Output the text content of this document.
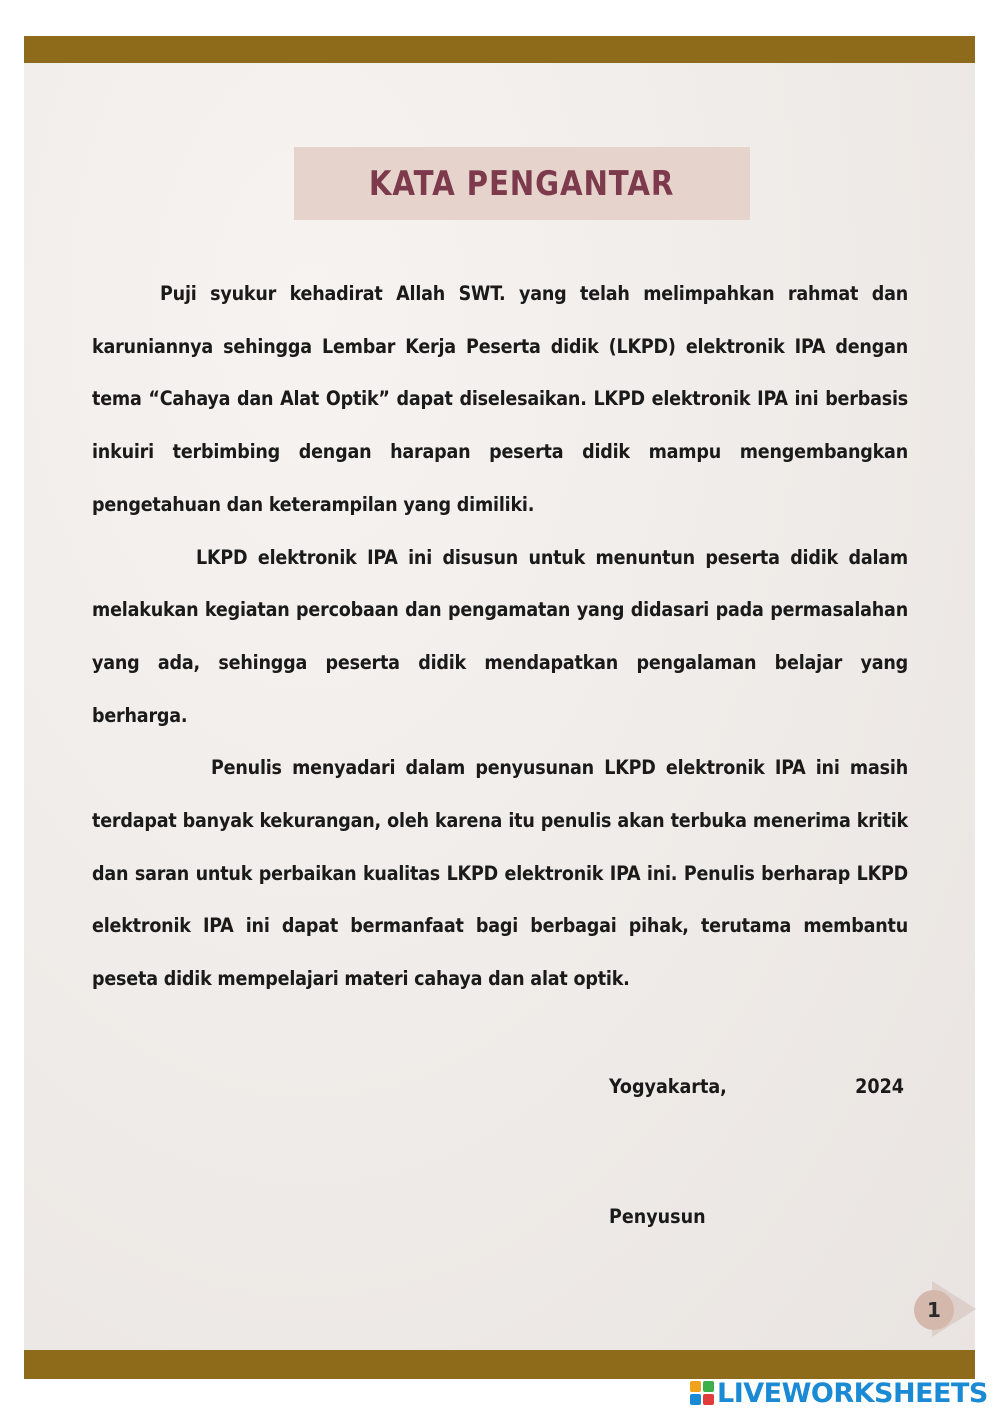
KATA PENGANTAR

Puji syukur kehadirat Allah SWT. yang telah melimpahkan rahmat dan karuniannya sehingga Lembar Kerja Peserta didik (LKPD) elektronik IPA dengan tema “Cahaya dan Alat Optik” dapat diselesaikan. LKPD elektronik IPA ini berbasis inkuiri terbimbing dengan harapan peserta didik mampu mengembangkan pengetahuan dan keterampilan yang dimiliki.

LKPD elektronik IPA ini disusun untuk menuntun peserta didik dalam melakukan kegiatan percobaan dan pengamatan yang didasari pada permasalahan yang ada, sehingga peserta didik mendapatkan pengalaman belajar yang berharga.

Penulis menyadari dalam penyusunan LKPD elektronik IPA ini masih terdapat banyak kekurangan, oleh karena itu penulis akan terbuka menerima kritik dan saran untuk perbaikan kualitas LKPD elektronik IPA ini. Penulis berharap LKPD elektronik IPA ini dapat bermanfaat bagi berbagai pihak, terutama membantu peseta didik mempelajari materi cahaya dan alat optik.

Yogyakarta,	2024
Penyusun
1
LIVEWORKSHEETS
